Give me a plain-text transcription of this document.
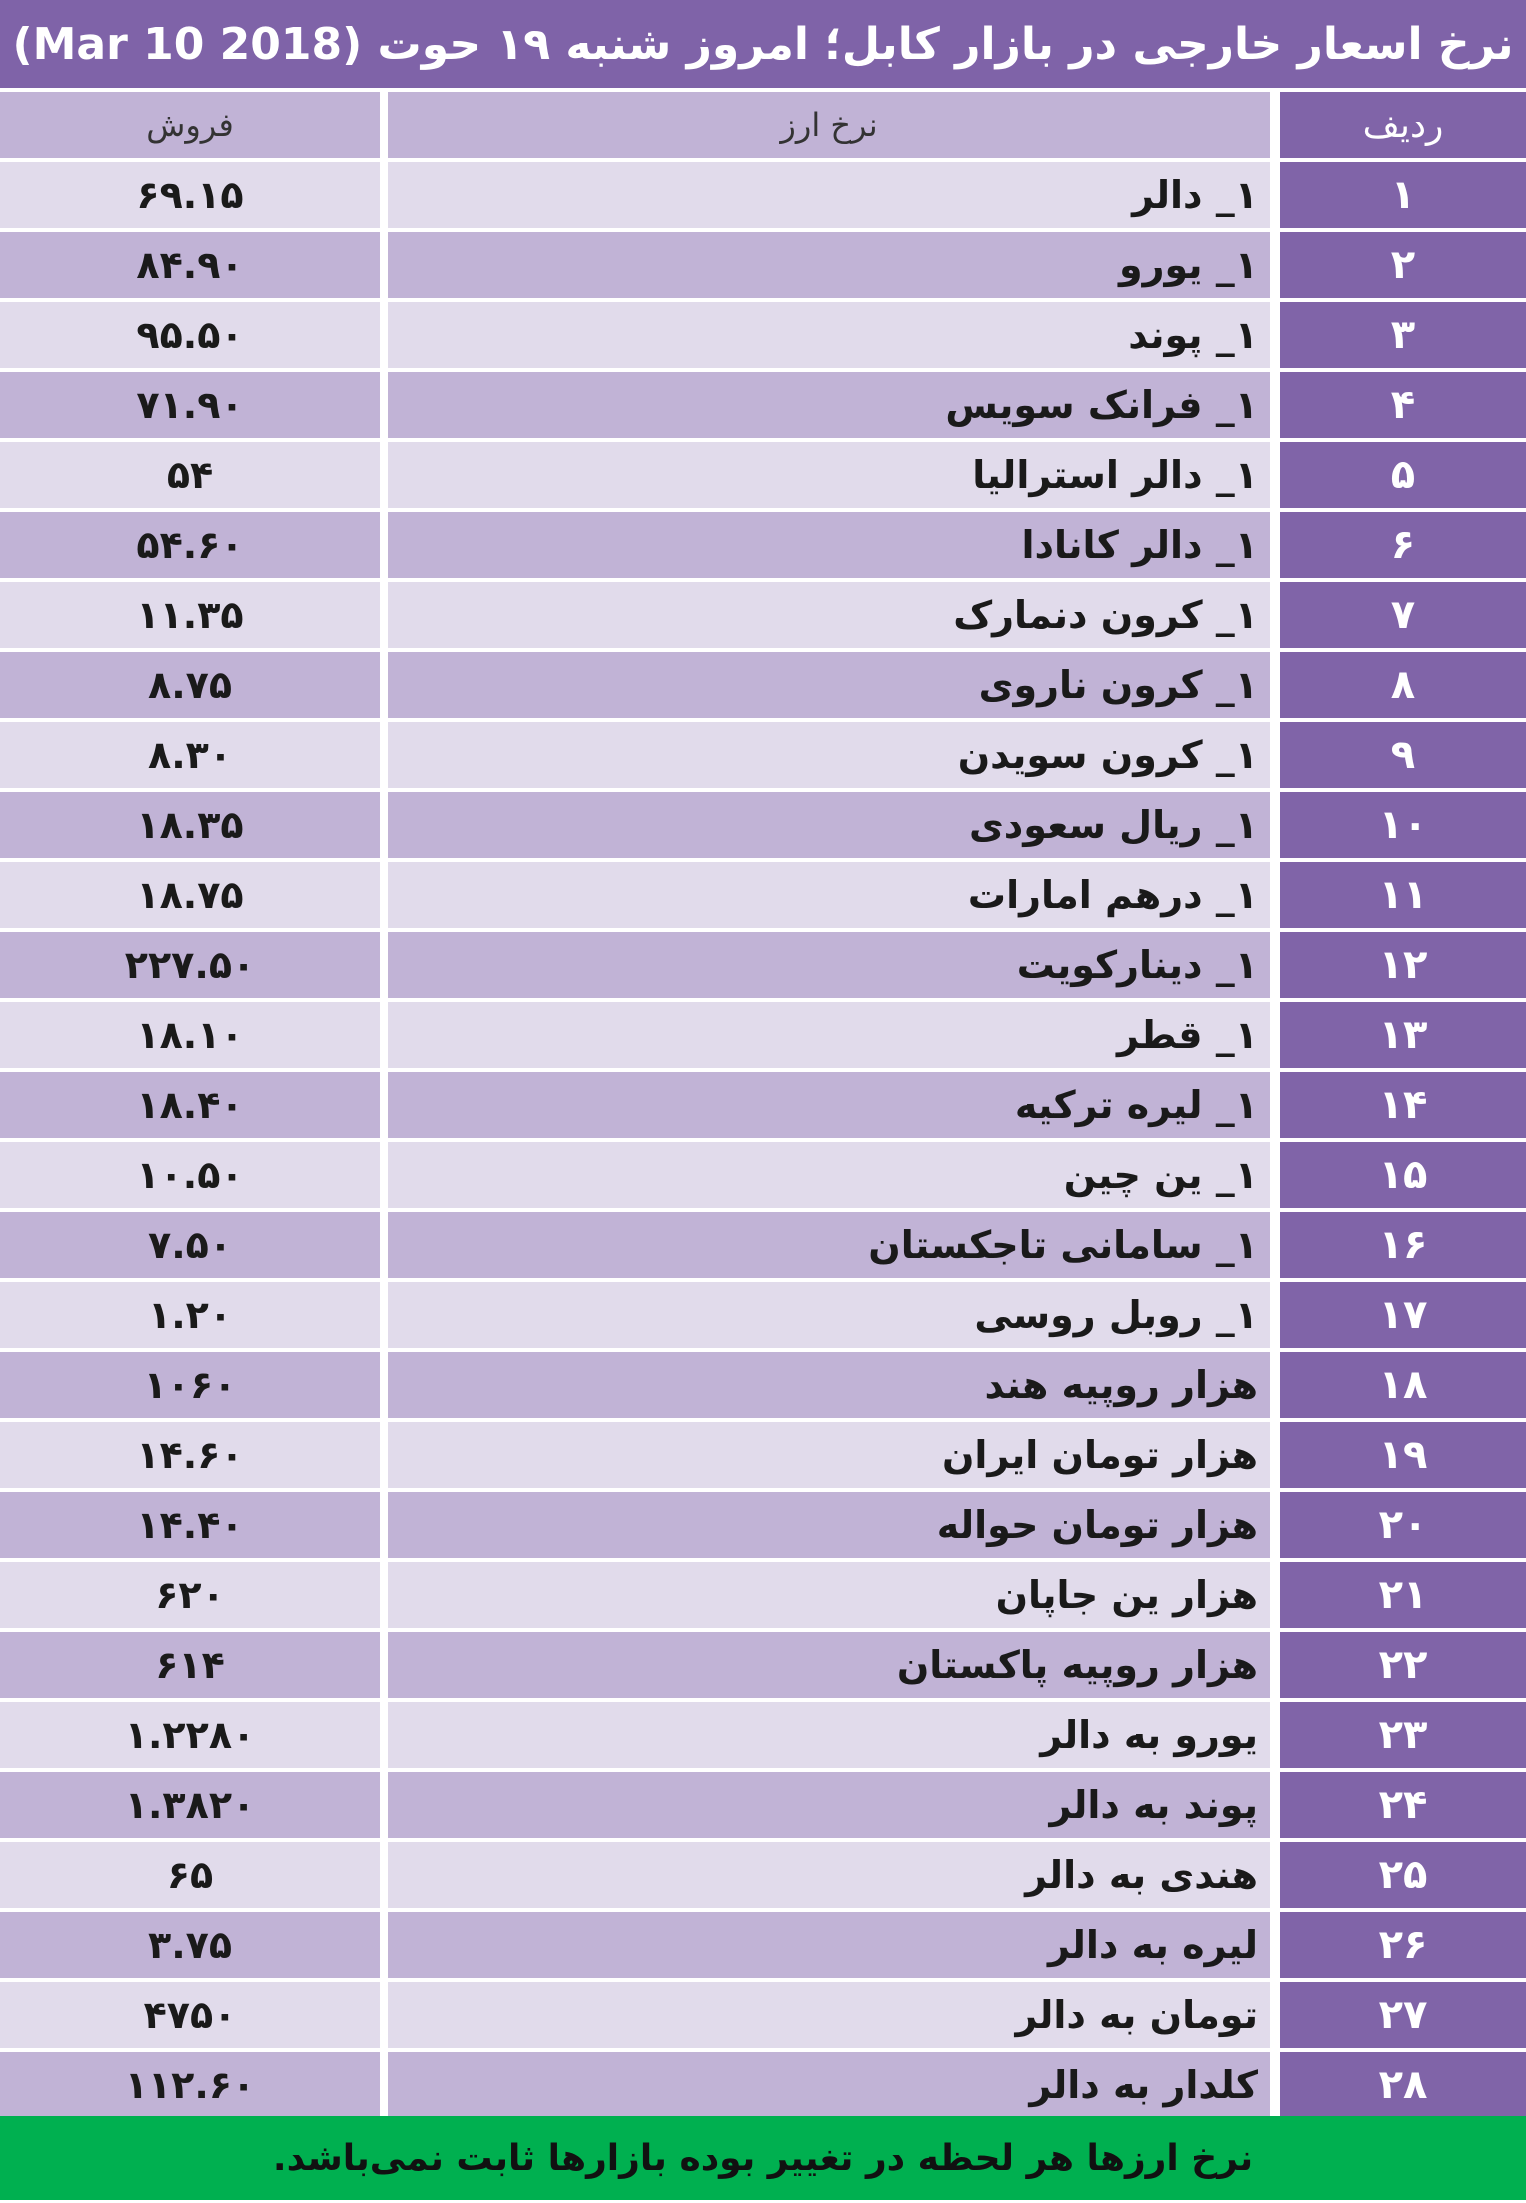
نرخ اسعار خارجی در بازار کابل؛ امروز شنبه ۱۹ حوت (Mar 10 2018)
ردیف
نرخ ارز
فروش
۱
۱_ دالر
۶۹.۱۵
۲
۱_ یورو
۸۴.۹۰
۳
۱_ پوند
۹۵.۵۰
۴
۱_ فرانک سویس
۷۱.۹۰
۵
۱_ دالر استرالیا
۵۴
۶
۱_ دالر کانادا
۵۴.۶۰
۷
۱_ کرون دنمارک
۱۱.۳۵
۸
۱_ کرون ناروی
۸.۷۵
۹
۱_ کرون سویدن
۸.۳۰
۱۰
۱_ ریال سعودی
۱۸.۳۵
۱۱
۱_ درهم امارات
۱۸.۷۵
۱۲
۱_ دینارکویت
۲۲۷.۵۰
۱۳
۱_ قطر
۱۸.۱۰
۱۴
۱_ لیره ترکیه
۱۸.۴۰
۱۵
۱_ ین چین
۱۰.۵۰
۱۶
۱_ سامانی تاجکستان
۷.۵۰
۱۷
۱_ روبل روسی
۱.۲۰
۱۸
هزار روپیه هند
۱۰۶۰
۱۹
هزار تومان ایران
۱۴.۶۰
۲۰
هزار تومان حواله
۱۴.۴۰
۲۱
هزار ین جاپان
۶۲۰
۲۲
هزار روپیه پاکستان
۶۱۴
۲۳
یورو به دالر
۱.۲۲۸۰
۲۴
پوند به دالر
۱.۳۸۲۰
۲۵
هندی به دالر
۶۵
۲۶
لیره به دالر
۳.۷۵
۲۷
تومان به دالر
۴۷۵۰
۲۸
کلدار به دالر
۱۱۲.۶۰
نرخ ارزها هر لحظه در تغییر بوده بازارها ثابت نمی‌باشد.
